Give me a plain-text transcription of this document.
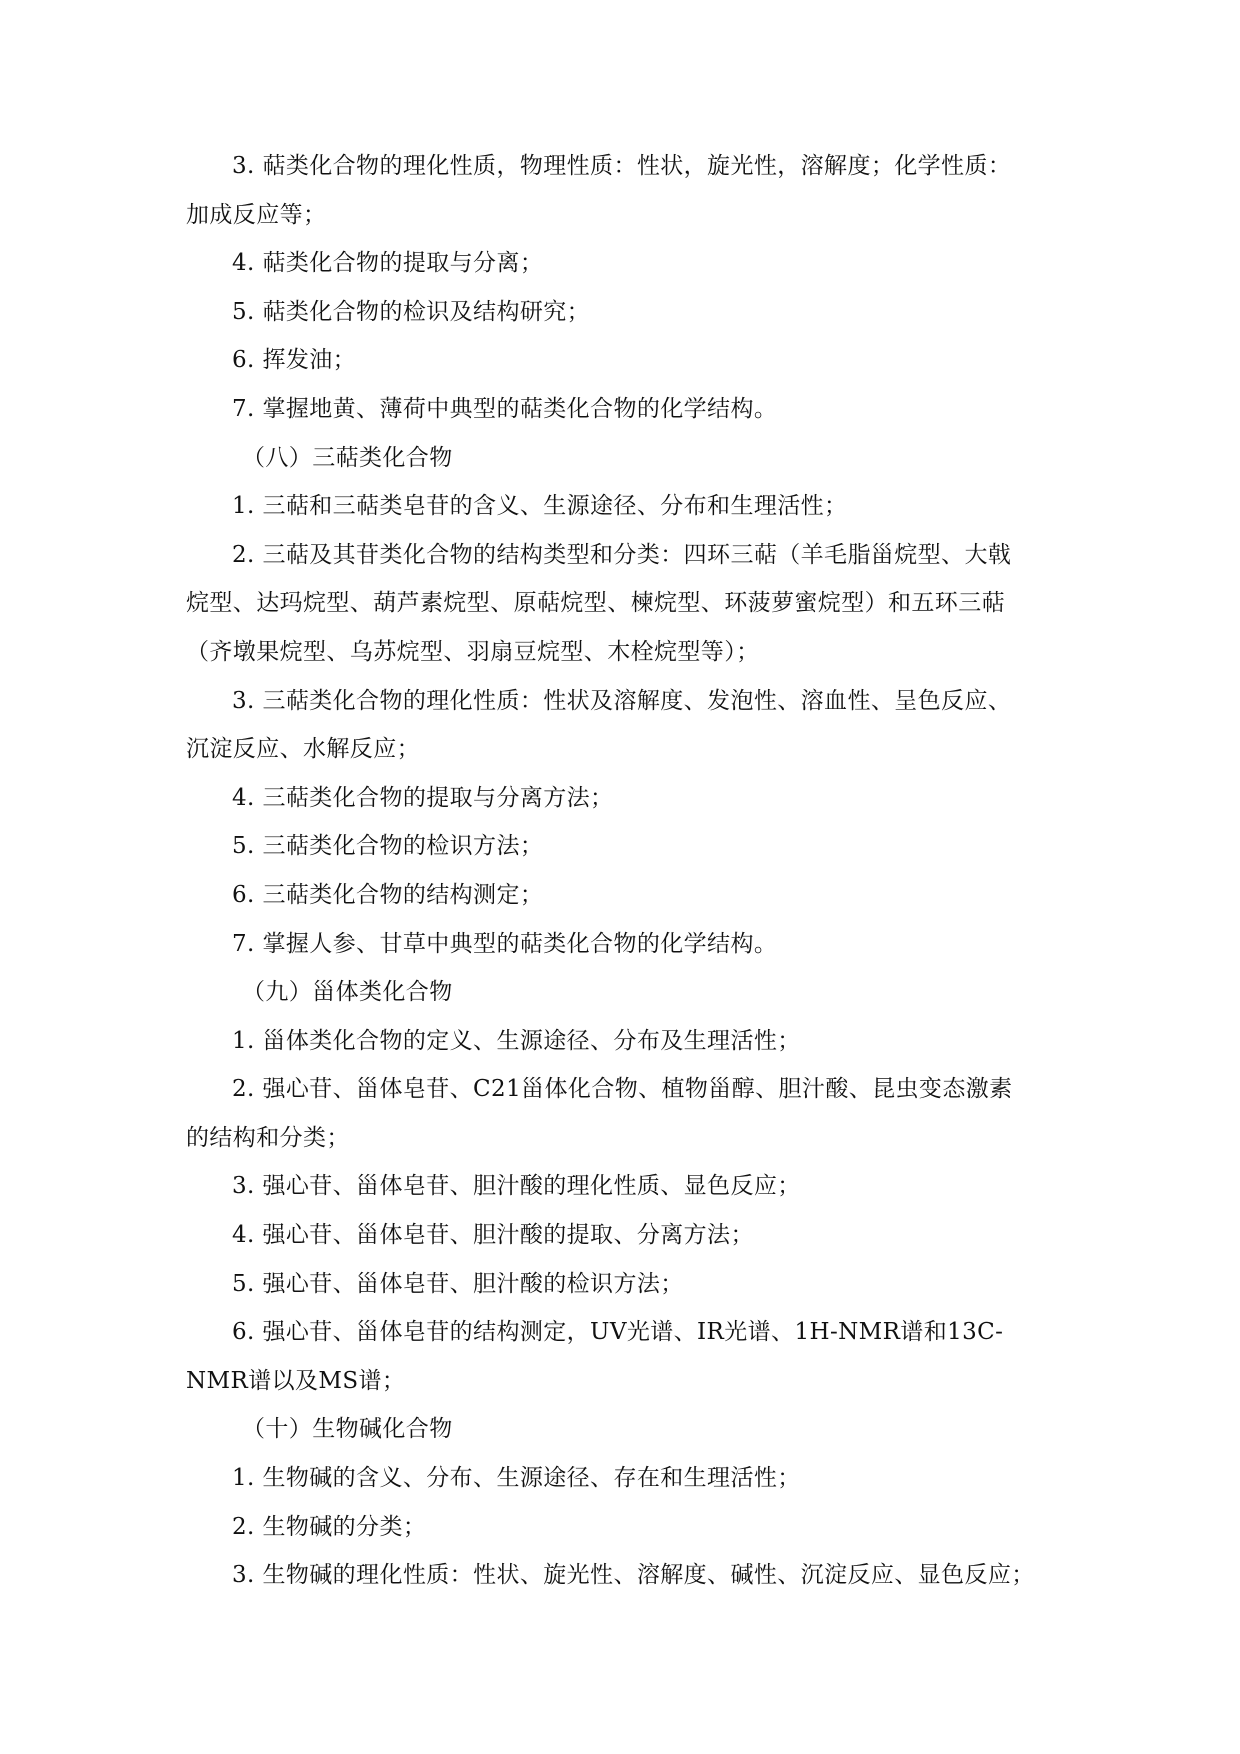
3. 萜类化合物的理化性质，物理性质：性状，旋光性，溶解度；化学性质：
加成反应等；
4. 萜类化合物的提取与分离；
5. 萜类化合物的检识及结构研究；
6. 挥发油；
7. 掌握地黄、薄荷中典型的萜类化合物的化学结构。
（八）三萜类化合物
1. 三萜和三萜类皂苷的含义、生源途径、分布和生理活性；
2. 三萜及其苷类化合物的结构类型和分类：四环三萜（羊毛脂甾烷型、大戟
烷型、达玛烷型、葫芦素烷型、原萜烷型、楝烷型、环菠萝蜜烷型）和五环三萜
（齐墩果烷型、乌苏烷型、羽扇豆烷型、木栓烷型等）；
3. 三萜类化合物的理化性质：性状及溶解度、发泡性、溶血性、呈色反应、
沉淀反应、水解反应；
4. 三萜类化合物的提取与分离方法；
5. 三萜类化合物的检识方法；
6. 三萜类化合物的结构测定；
7. 掌握人参、甘草中典型的萜类化合物的化学结构。
（九）甾体类化合物
1. 甾体类化合物的定义、生源途径、分布及生理活性；
2. 强心苷、甾体皂苷、C21甾体化合物、植物甾醇、胆汁酸、昆虫变态激素
的结构和分类；
3. 强心苷、甾体皂苷、胆汁酸的理化性质、显色反应；
4. 强心苷、甾体皂苷、胆汁酸的提取、分离方法；
5. 强心苷、甾体皂苷、胆汁酸的检识方法；
6. 强心苷、甾体皂苷的结构测定，UV光谱、IR光谱、1H-NMR谱和13C-
NMR谱以及MS谱；
（十）生物碱化合物
1. 生物碱的含义、分布、生源途径、存在和生理活性；
2. 生物碱的分类；
3. 生物碱的理化性质：性状、旋光性、溶解度、碱性、沉淀反应、显色反应；
